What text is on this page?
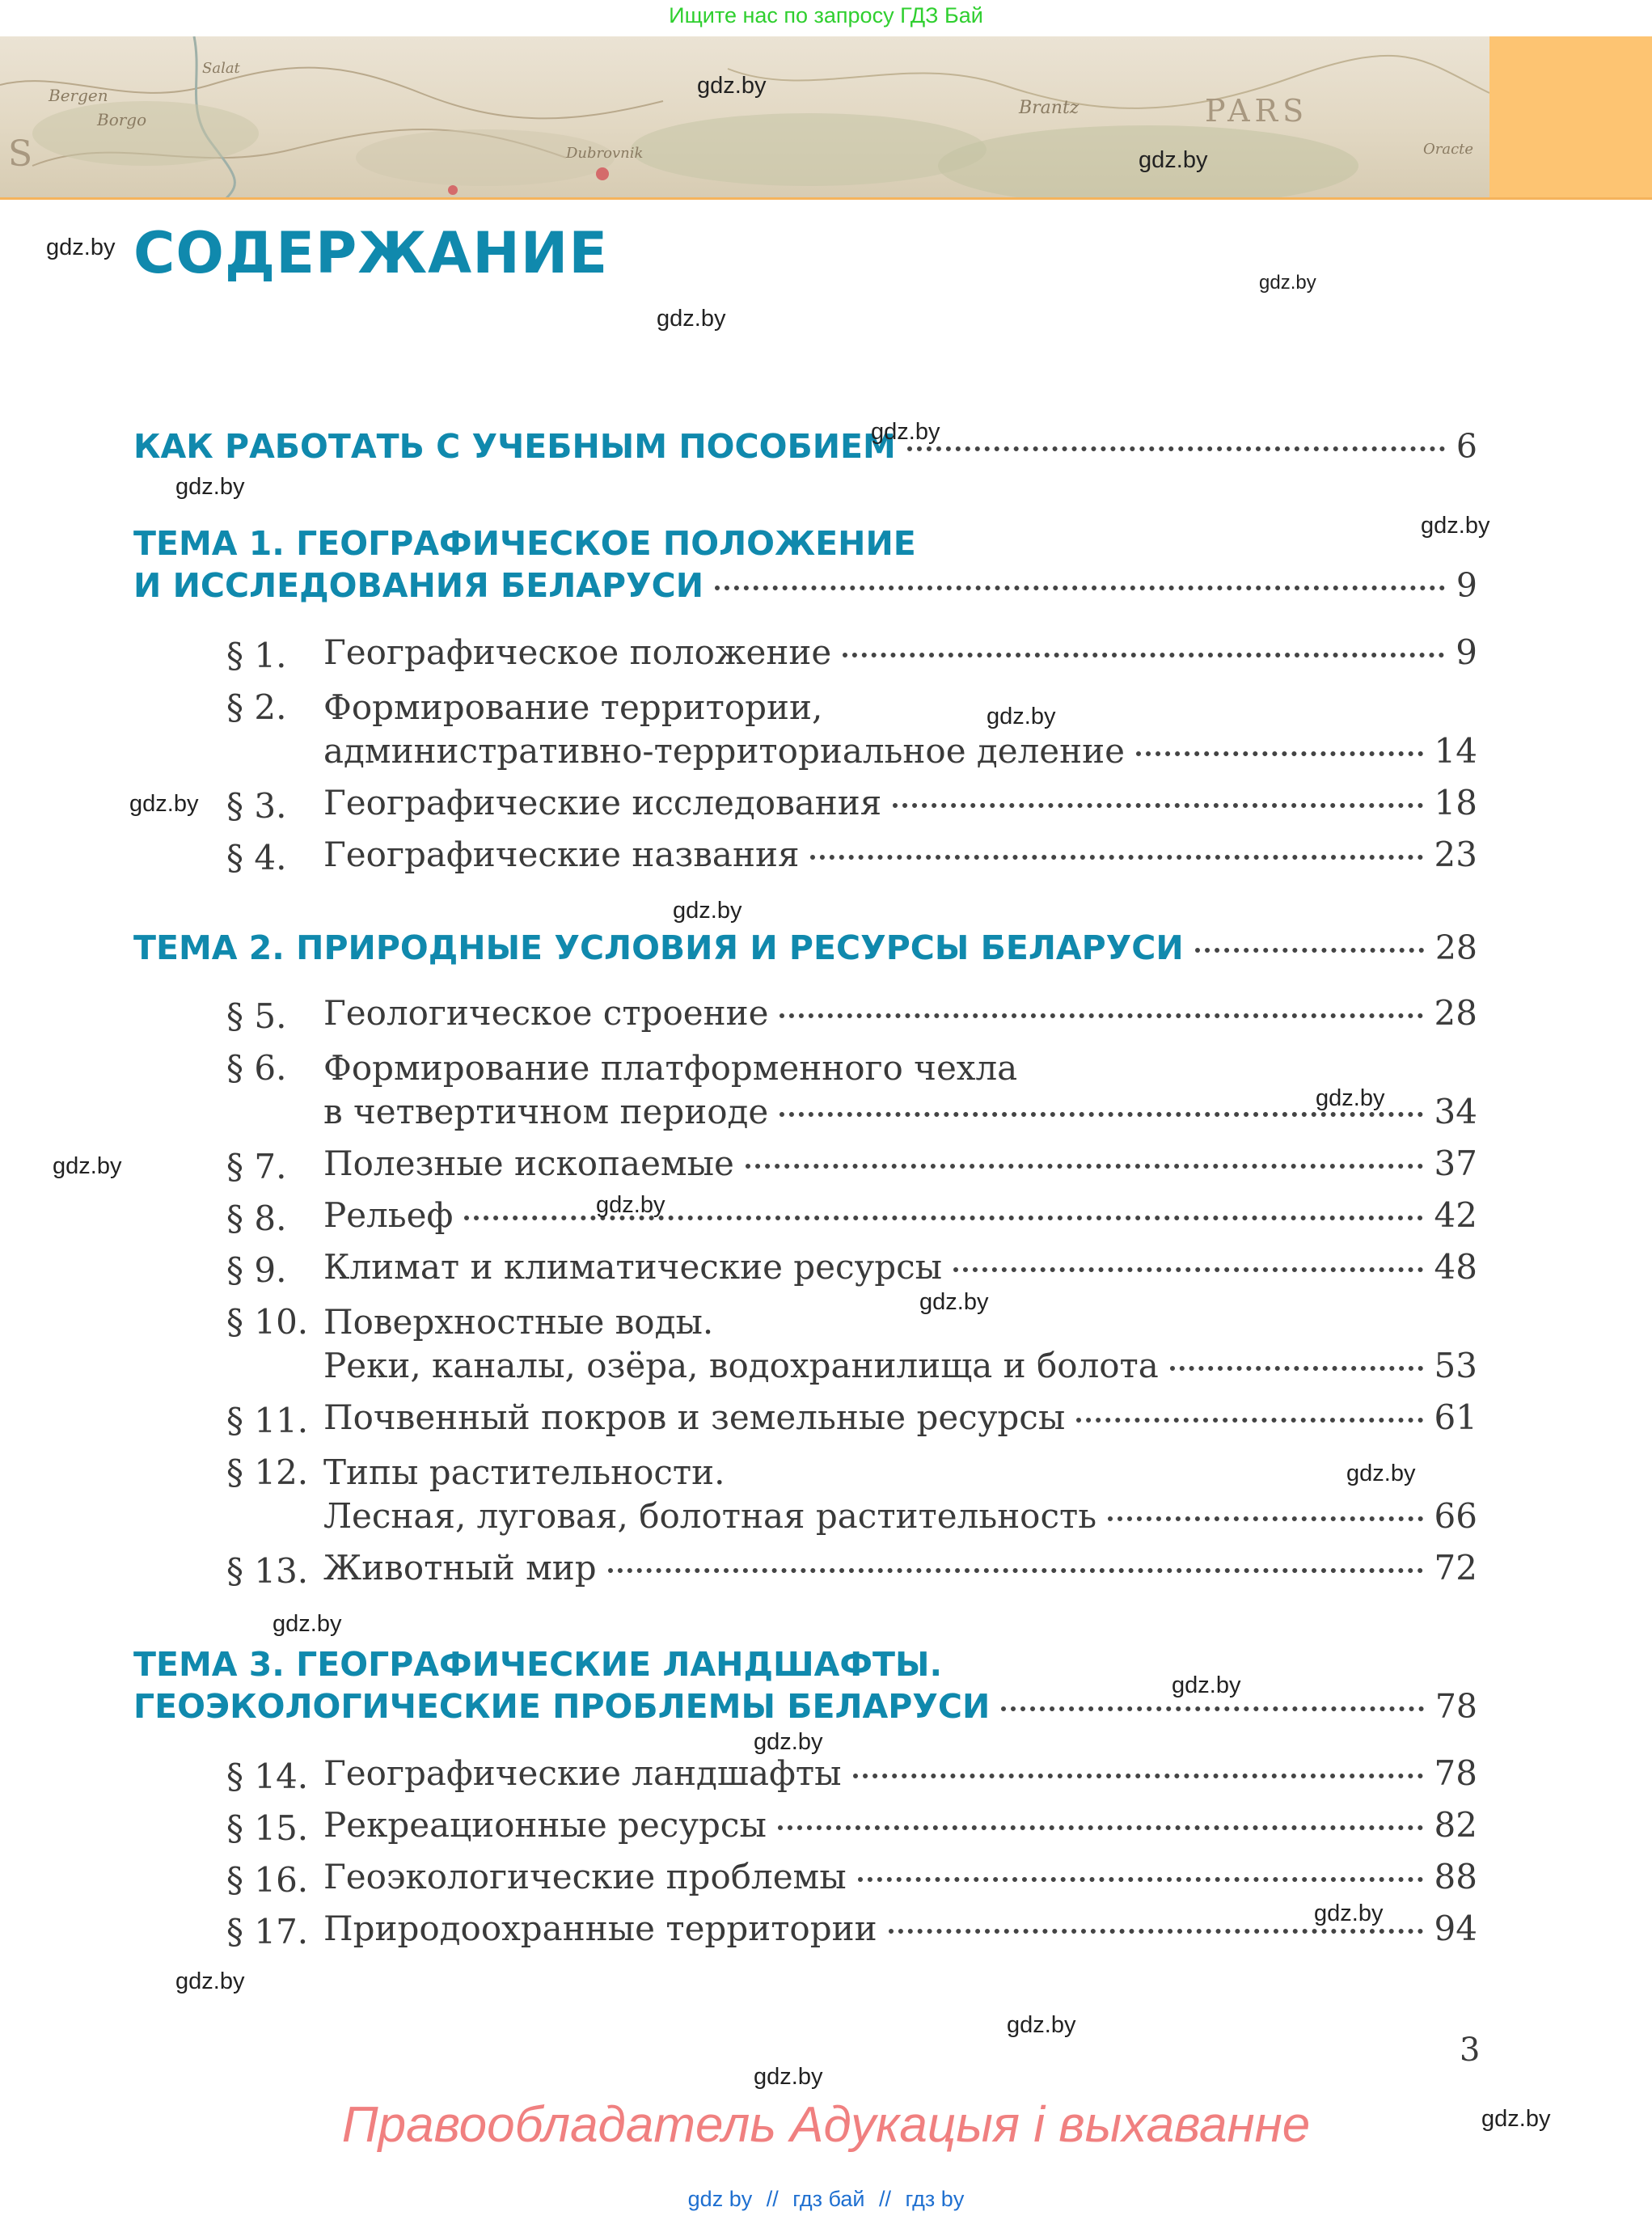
Ищите нас по запросу ГДЗ Бай
Bergen
Borgo
Salat
Dubrovnik
Brantz	PARS
Oracte
S
СОДЕРЖАНИЕ
КАК РАБОТАТЬ С УЧЕБНЫМ ПОСОБИЕМ	6
ТЕМА 1. ГЕОГРАФИЧЕСКОЕ ПОЛОЖЕНИЕ
И ИССЛЕДОВАНИЯ БЕЛАРУСИ	9
§ 1. Географическое положение	9
§ 2. Формирование территории,
административно-территориальное деление	14
§ 3. Географические исследования	18
§ 4. Географические названия	23
ТЕМА 2. ПРИРОДНЫЕ УСЛОВИЯ И РЕСУРСЫ БЕЛАРУСИ	28
§ 5. Геологическое строение	28
§ 6. Формирование платформенного чехла
в четвертичном периоде	34
§ 7. Полезные ископаемые	37
§ 8. Рельеф	42
§ 9. Климат и климатические ресурсы	48
§ 10. Поверхностные воды.
Реки, каналы, озёра, водохранилища и болота	53
§ 11. Почвенный покров и земельные ресурсы	61
§ 12. Типы растительности.
Лесная, луговая, болотная растительность	66
§ 13. Животный мир	72
ТЕМА 3. ГЕОГРАФИЧЕСКИЕ ЛАНДШАФТЫ.
ГЕОЭКОЛОГИЧЕСКИЕ ПРОБЛЕМЫ БЕЛАРУСИ	78
§ 14. Географические ландшафты	78
§ 15. Рекреационные ресурсы	82
§ 16. Геоэкологические проблемы	88
§ 17. Природоохранные территории	94
gdz.by
gdz.by
gdz.by
gdz.by
gdz.by
gdz.by
gdz.by
gdz.by
gdz.by
gdz.by
gdz.by
gdz.by
gdz.by
gdz.by
gdz.by
gdz.by
gdz.by
gdz.by
gdz.by
gdz.by
gdz.by
gdz.by
gdz.by
gdz.by
3
Правообладатель Адукацыя і выхаванне
gdz by // гдз бай // гдз by
